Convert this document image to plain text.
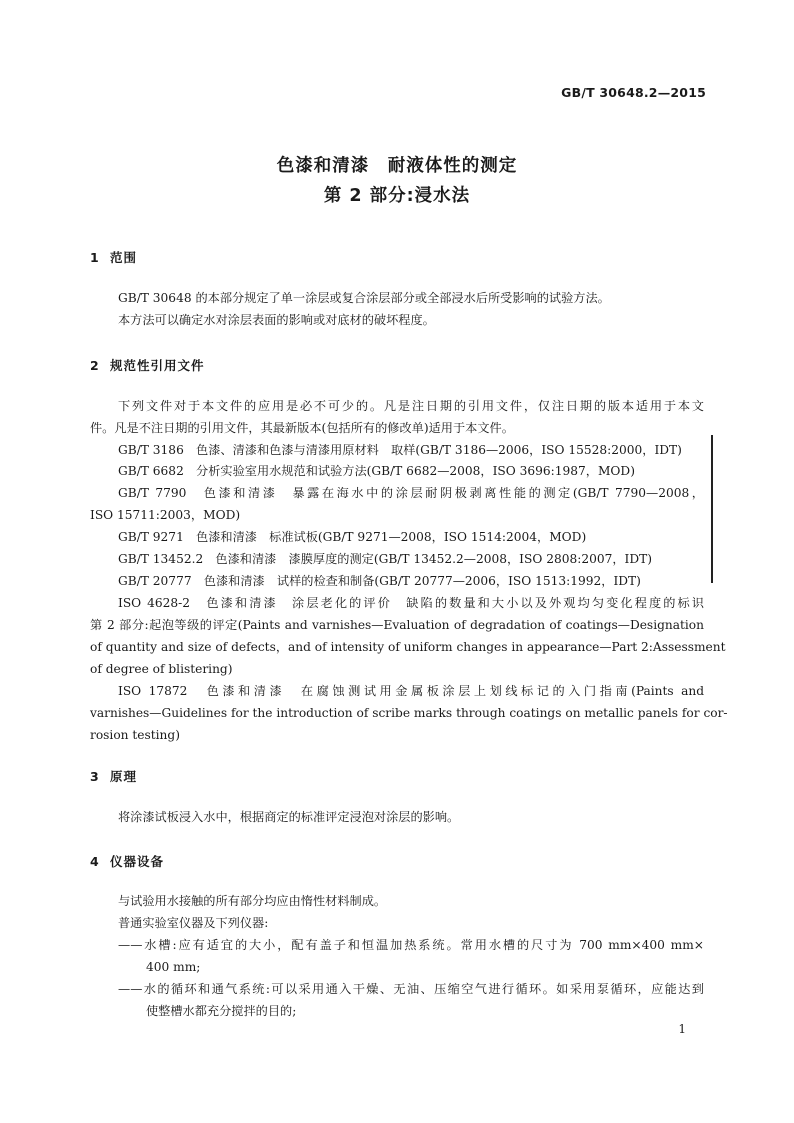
GB/T 30648.2—2015
色漆和清漆　耐液体性的测定
第 2 部分:浸水法
1 范围
GB/T 30648 的本部分规定了单一涂层或复合涂层部分或全部浸水后所受影响的试验方法。
本方法可以确定水对涂层表面的影响或对底材的破坏程度。
2 规范性引用文件
下列文件对于本文件的应用是必不可少的。凡是注日期的引用文件，仅注日期的版本适用于本文
件。凡是不注日期的引用文件，其最新版本(包括所有的修改单)适用于本文件。
GB/T 3186　色漆、清漆和色漆与清漆用原材料　取样(GB/T 3186—2006，ISO 15528:2000，IDT)
GB/T 6682　分析实验室用水规范和试验方法(GB/T 6682—2008，ISO 3696:1987，MOD)
GB/T 7790　色漆和清漆　暴露在海水中的涂层耐阴极剥离性能的测定(GB/T 7790—2008，
ISO 15711:2003，MOD)
GB/T 9271　色漆和清漆　标准试板(GB/T 9271—2008，ISO 1514:2004，MOD)
GB/T 13452.2　色漆和清漆　漆膜厚度的测定(GB/T 13452.2—2008，ISO 2808:2007，IDT)
GB/T 20777　色漆和清漆　试样的检查和制备(GB/T 20777—2006，ISO 1513:1992，IDT)
ISO 4628-2　色漆和清漆　涂层老化的评价　缺陷的数量和大小以及外观均匀变化程度的标识
第 2 部分:起泡等级的评定(Paints and varnishes—Evaluation of degradation of coatings—Designation
of quantity and size of defects，and of intensity of uniform changes in appearance—Part 2:Assessment
of degree of blistering)
ISO 17872　色漆和清漆　在腐蚀测试用金属板涂层上划线标记的入门指南(Paints and
varnishes—Guidelines for the introduction of scribe marks through coatings on metallic panels for cor-
rosion testing)
3 原理
将涂漆试板浸入水中，根据商定的标准评定浸泡对涂层的影响。
4 仪器设备
与试验用水接触的所有部分均应由惰性材料制成。
普通实验室仪器及下列仪器:
——水槽:应有适宜的大小，配有盖子和恒温加热系统。常用水槽的尺寸为 700 mm×400 mm×
400 mm;
——水的循环和通气系统:可以采用通入干燥、无油、压缩空气进行循环。如采用泵循环，应能达到
使整槽水都充分搅拌的目的;
1
